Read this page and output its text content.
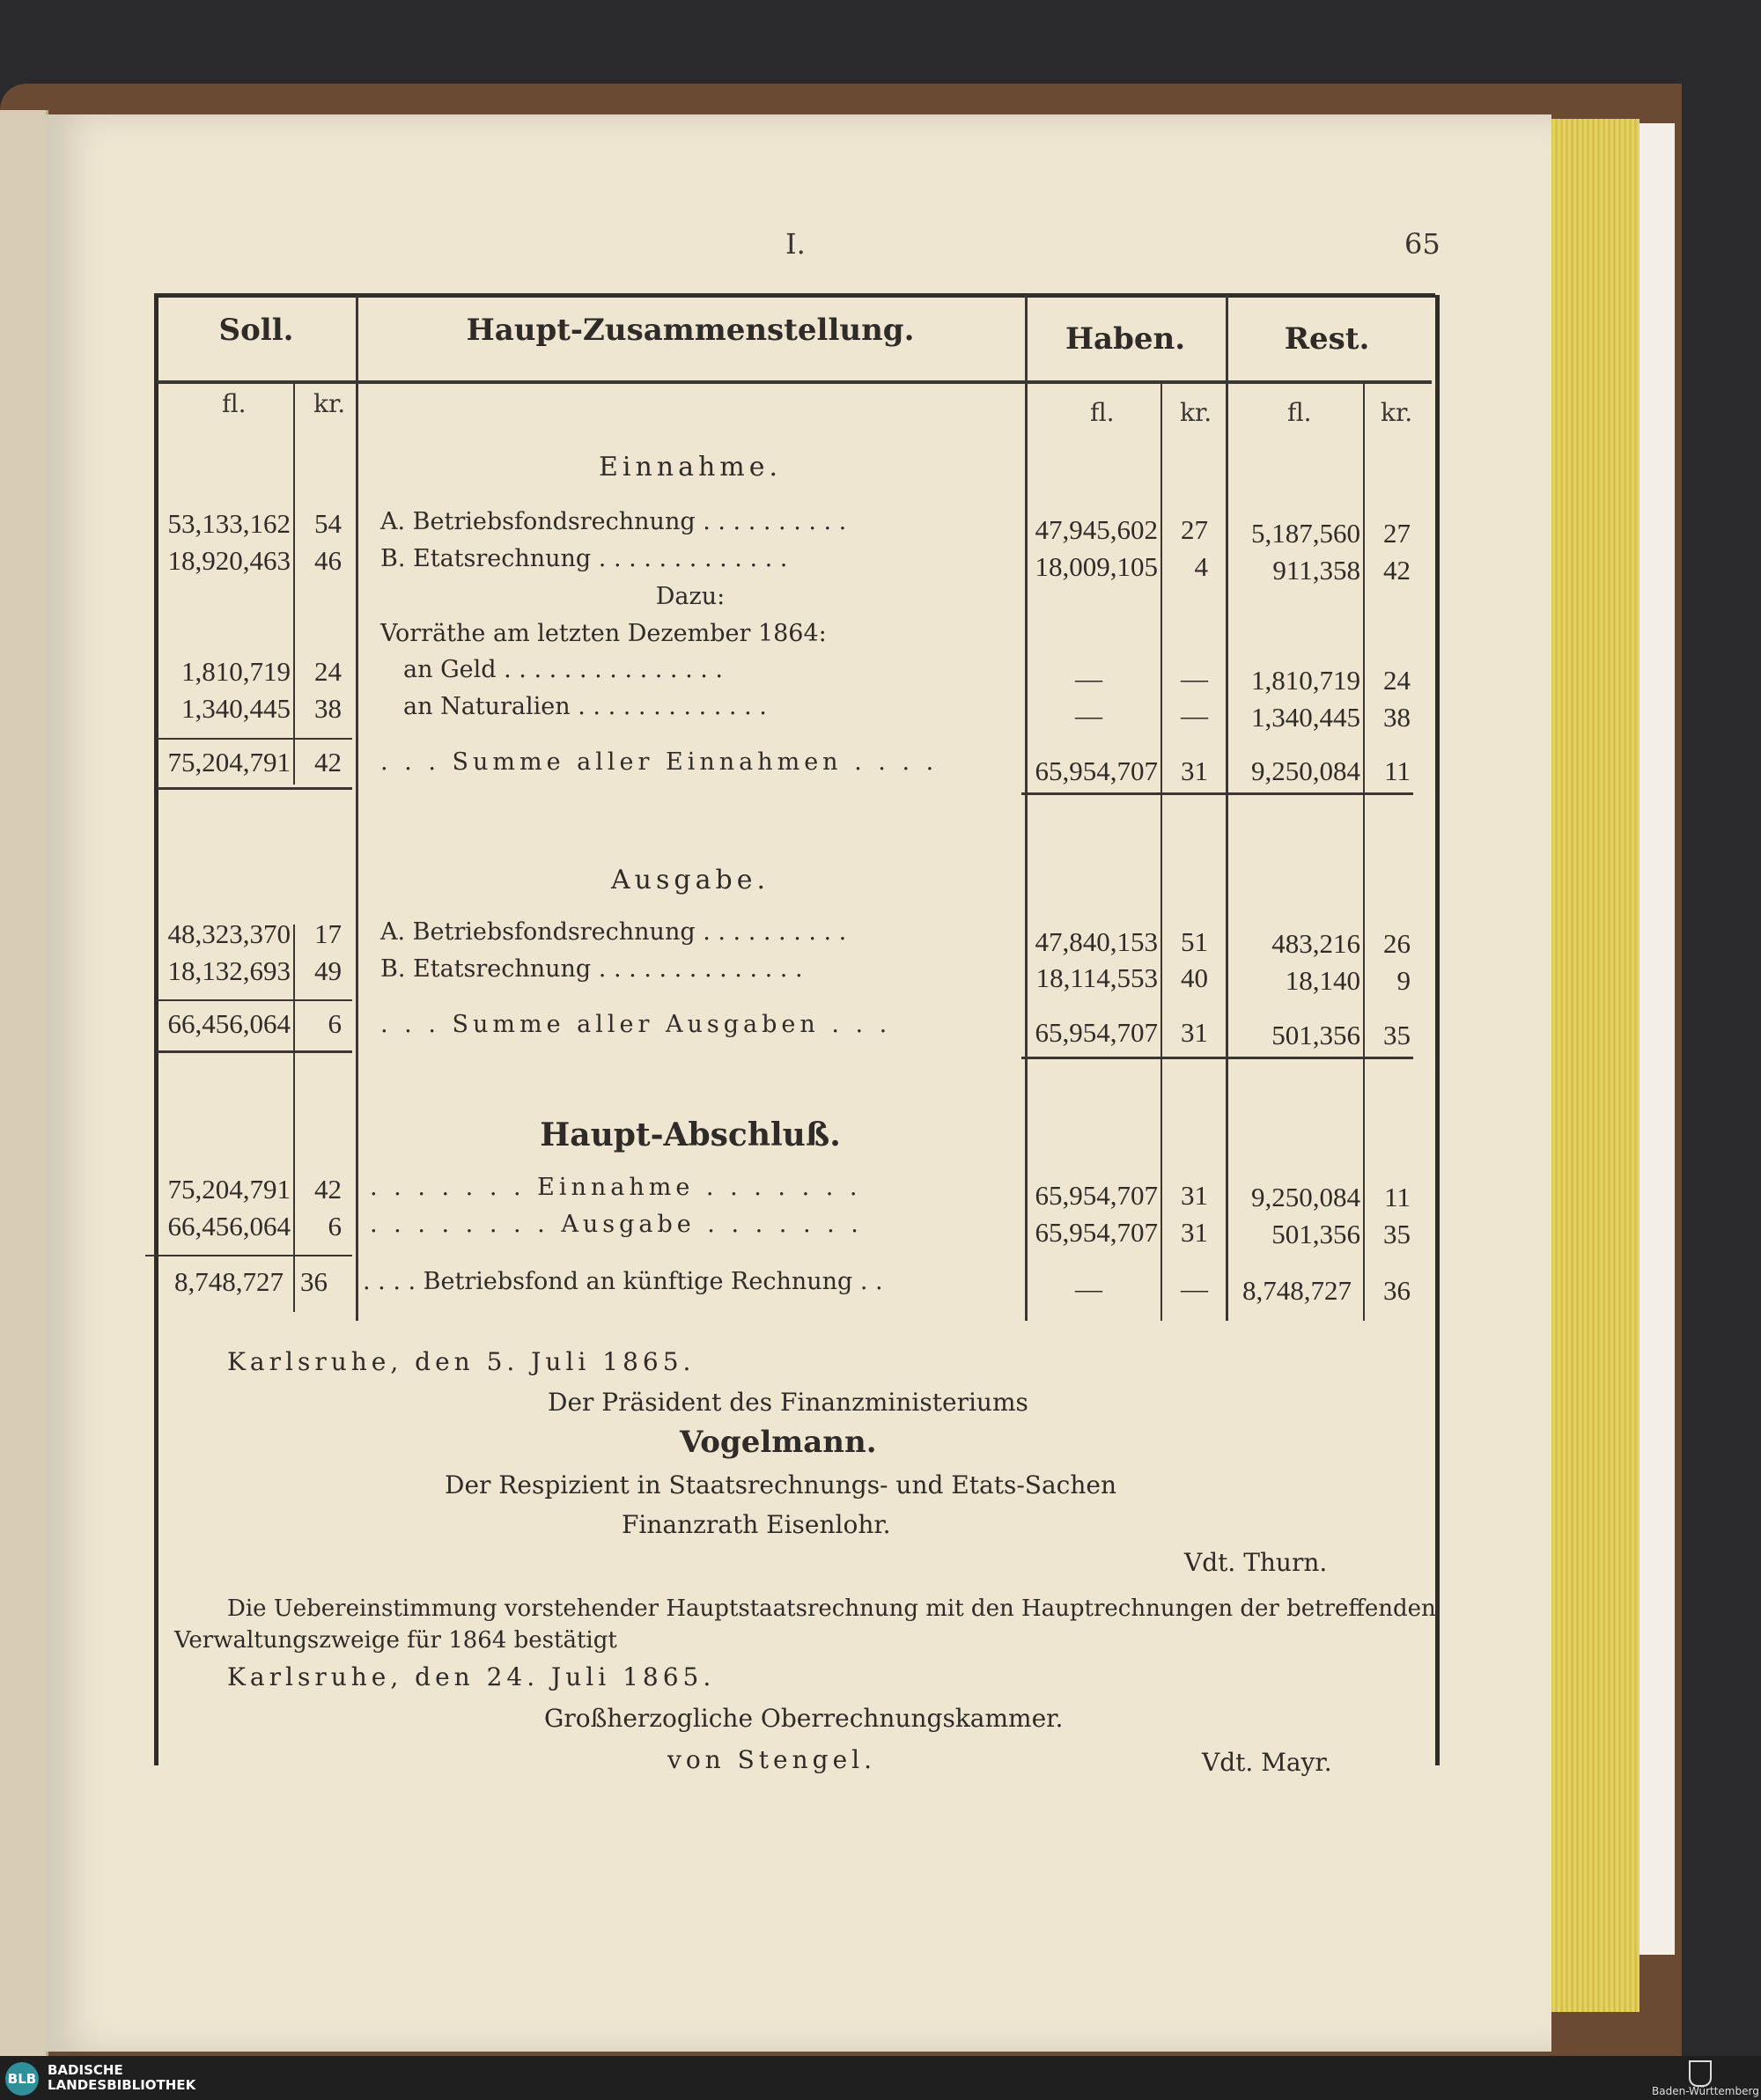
I.	65
Soll.	Haupt-Zusammenstellung.	Haben.	Rest.
fl.	kr.	fl.	kr.	fl.	kr.
Einnahme.
53,133,162 54 A. Betriebsfondsrechnung . . . . . . . . . .	47,945,602 27	5,187,560 27
18,920,463 46 B. Etatsrechnung . . . . . . . . . . . . .	18,009,105	4	911,358 42
Dazu:
Vorräthe am letzten Dezember 1864:
1,810,719 24	an Geld . . . . . . . . . . . . . . .	—	—	1,810,719 24
1,340,445 38	an Naturalien . . . . . . . . . . . . .	—	—	1,340,445 38
75,204,791 42 . . . Summe aller Einnahmen . . . .	65,954,707 31	9,250,084 11
Ausgabe.
48,323,370 17 A. Betriebsfondsrechnung . . . . . . . . . .	47,840,153 51	483,216 26
18,132,693 49 B. Etatsrechnung . . . . . . . . . . . . . .	18,114,553 40	18,140	9
66,456,064	6 . . . Summe aller Ausgaben . . .	65,954,707 31	501,356 35
Haupt-Abschluß.
75,204,791 42 . . . . . . . Einnahme . . . . . . .	65,954,707 31	9,250,084 11
66,456,064	6 . . . . . . . . Ausgabe . . . . . . .	65,954,707 31	501,356 35
8,748,727 36 . . . . Betriebsfond an künftige Rechnung . .	—	—	8,748,727	36
Karlsruhe, den 5. Juli 1865.
Der Präsident des Finanzministeriums
Vogelmann.
Der Respizient in Staatsrechnungs- und Etats-Sachen
Finanzrath Eisenlohr.
Vdt. Thurn.
Die Uebereinstimmung vorstehender Hauptstaatsrechnung mit den Hauptrechnungen der betreffenden
Verwaltungszweige für 1864 bestätigt
Karlsruhe, den 24. Juli 1865.
Großherzogliche Oberrechnungskammer.
von Stengel.	Vdt. Mayr.
BLB
BADISCHE
LANDESBIBLIOTHEK	Baden-Württemberg
